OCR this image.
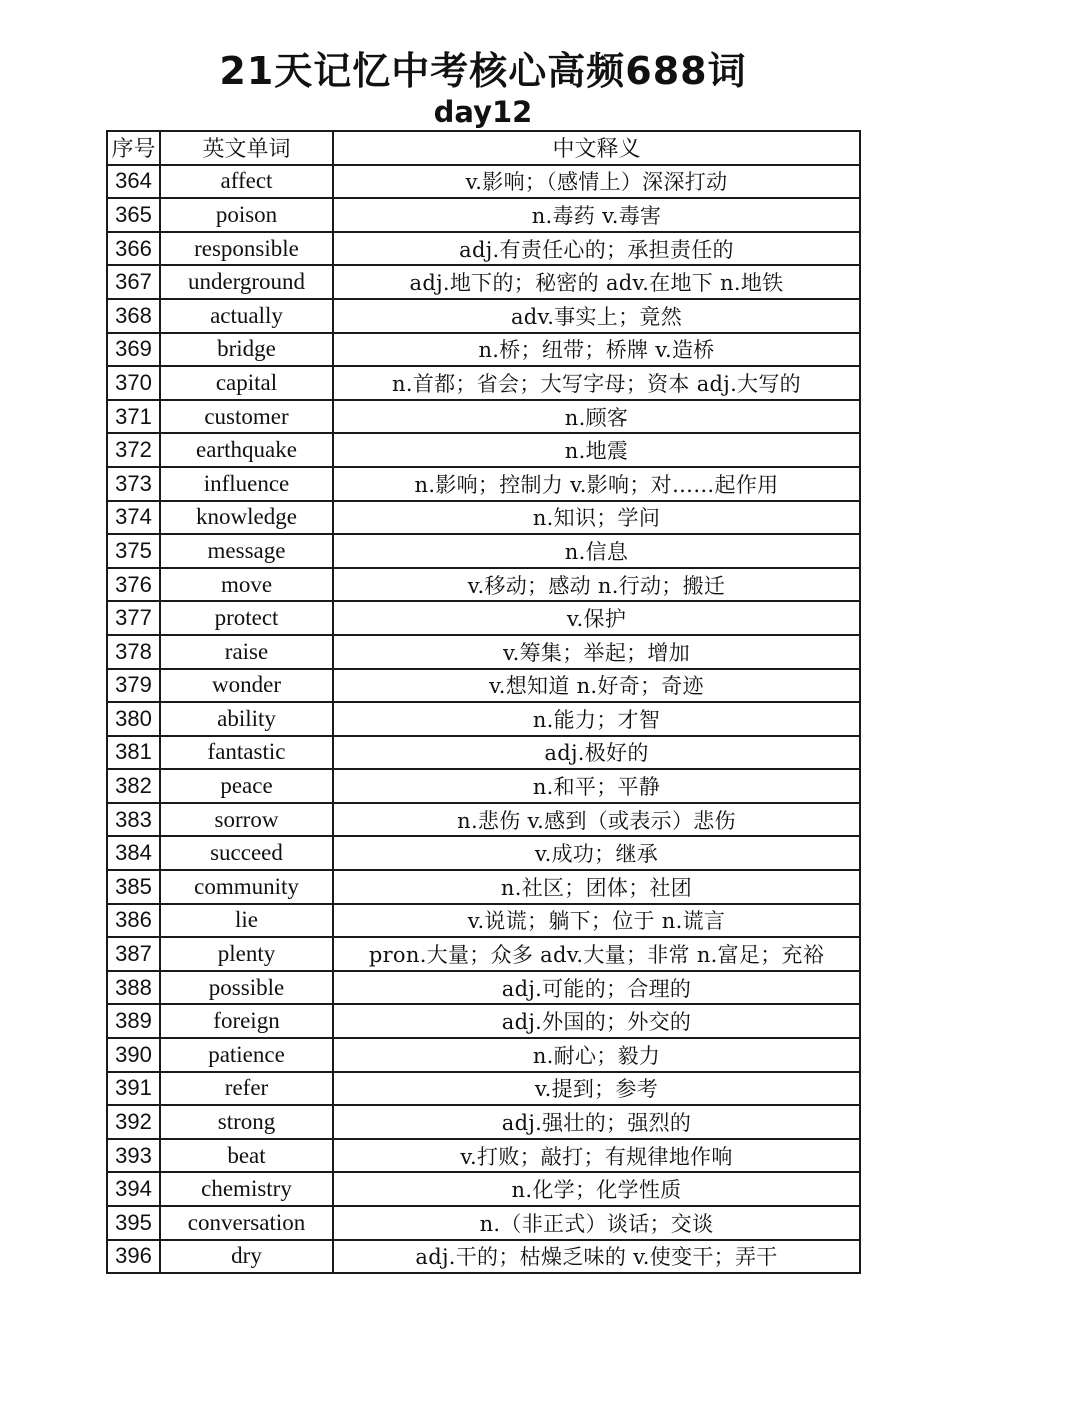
21天记忆中考核心高频688词
day12
序号	英文单词	中文释义
364	affect	v.影响；（感情上）深深打动
365	poison	n.毒药 v.毒害
366	responsible	adj.有责任心的；承担责任的
367	underground	adj.地下的；秘密的 adv.在地下 n.地铁
368	actually	adv.事实上；竟然
369	bridge	n.桥；纽带；桥牌 v.造桥
370	capital	n.首都；省会；大写字母；资本 adj.大写的
371	customer	n.顾客
372	earthquake	n.地震
373	influence	n.影响；控制力 v.影响；对……起作用
374	knowledge	n.知识；学问
375	message	n.信息
376	move	v.移动；感动 n.行动；搬迁
377	protect	v.保护
378	raise	v.筹集；举起；增加
379	wonder	v.想知道 n.好奇；奇迹
380	ability	n.能力；才智
381	fantastic	adj.极好的
382	peace	n.和平；平静
383	sorrow	n.悲伤 v.感到（或表示）悲伤
384	succeed	v.成功；继承
385	community	n.社区；团体；社团
386	lie	v.说谎；躺下；位于 n.谎言
387	plenty	pron.大量；众多 adv.大量；非常 n.富足；充裕
388	possible	adj.可能的；合理的
389	foreign	adj.外国的；外交的
390	patience	n.耐心；毅力
391	refer	v.提到；参考
392	strong	adj.强壮的；强烈的
393	beat	v.打败；敲打；有规律地作响
394	chemistry	n.化学；化学性质
395	conversation	n.（非正式）谈话；交谈
396	dry	adj.干的；枯燥乏味的 v.使变干；弄干
